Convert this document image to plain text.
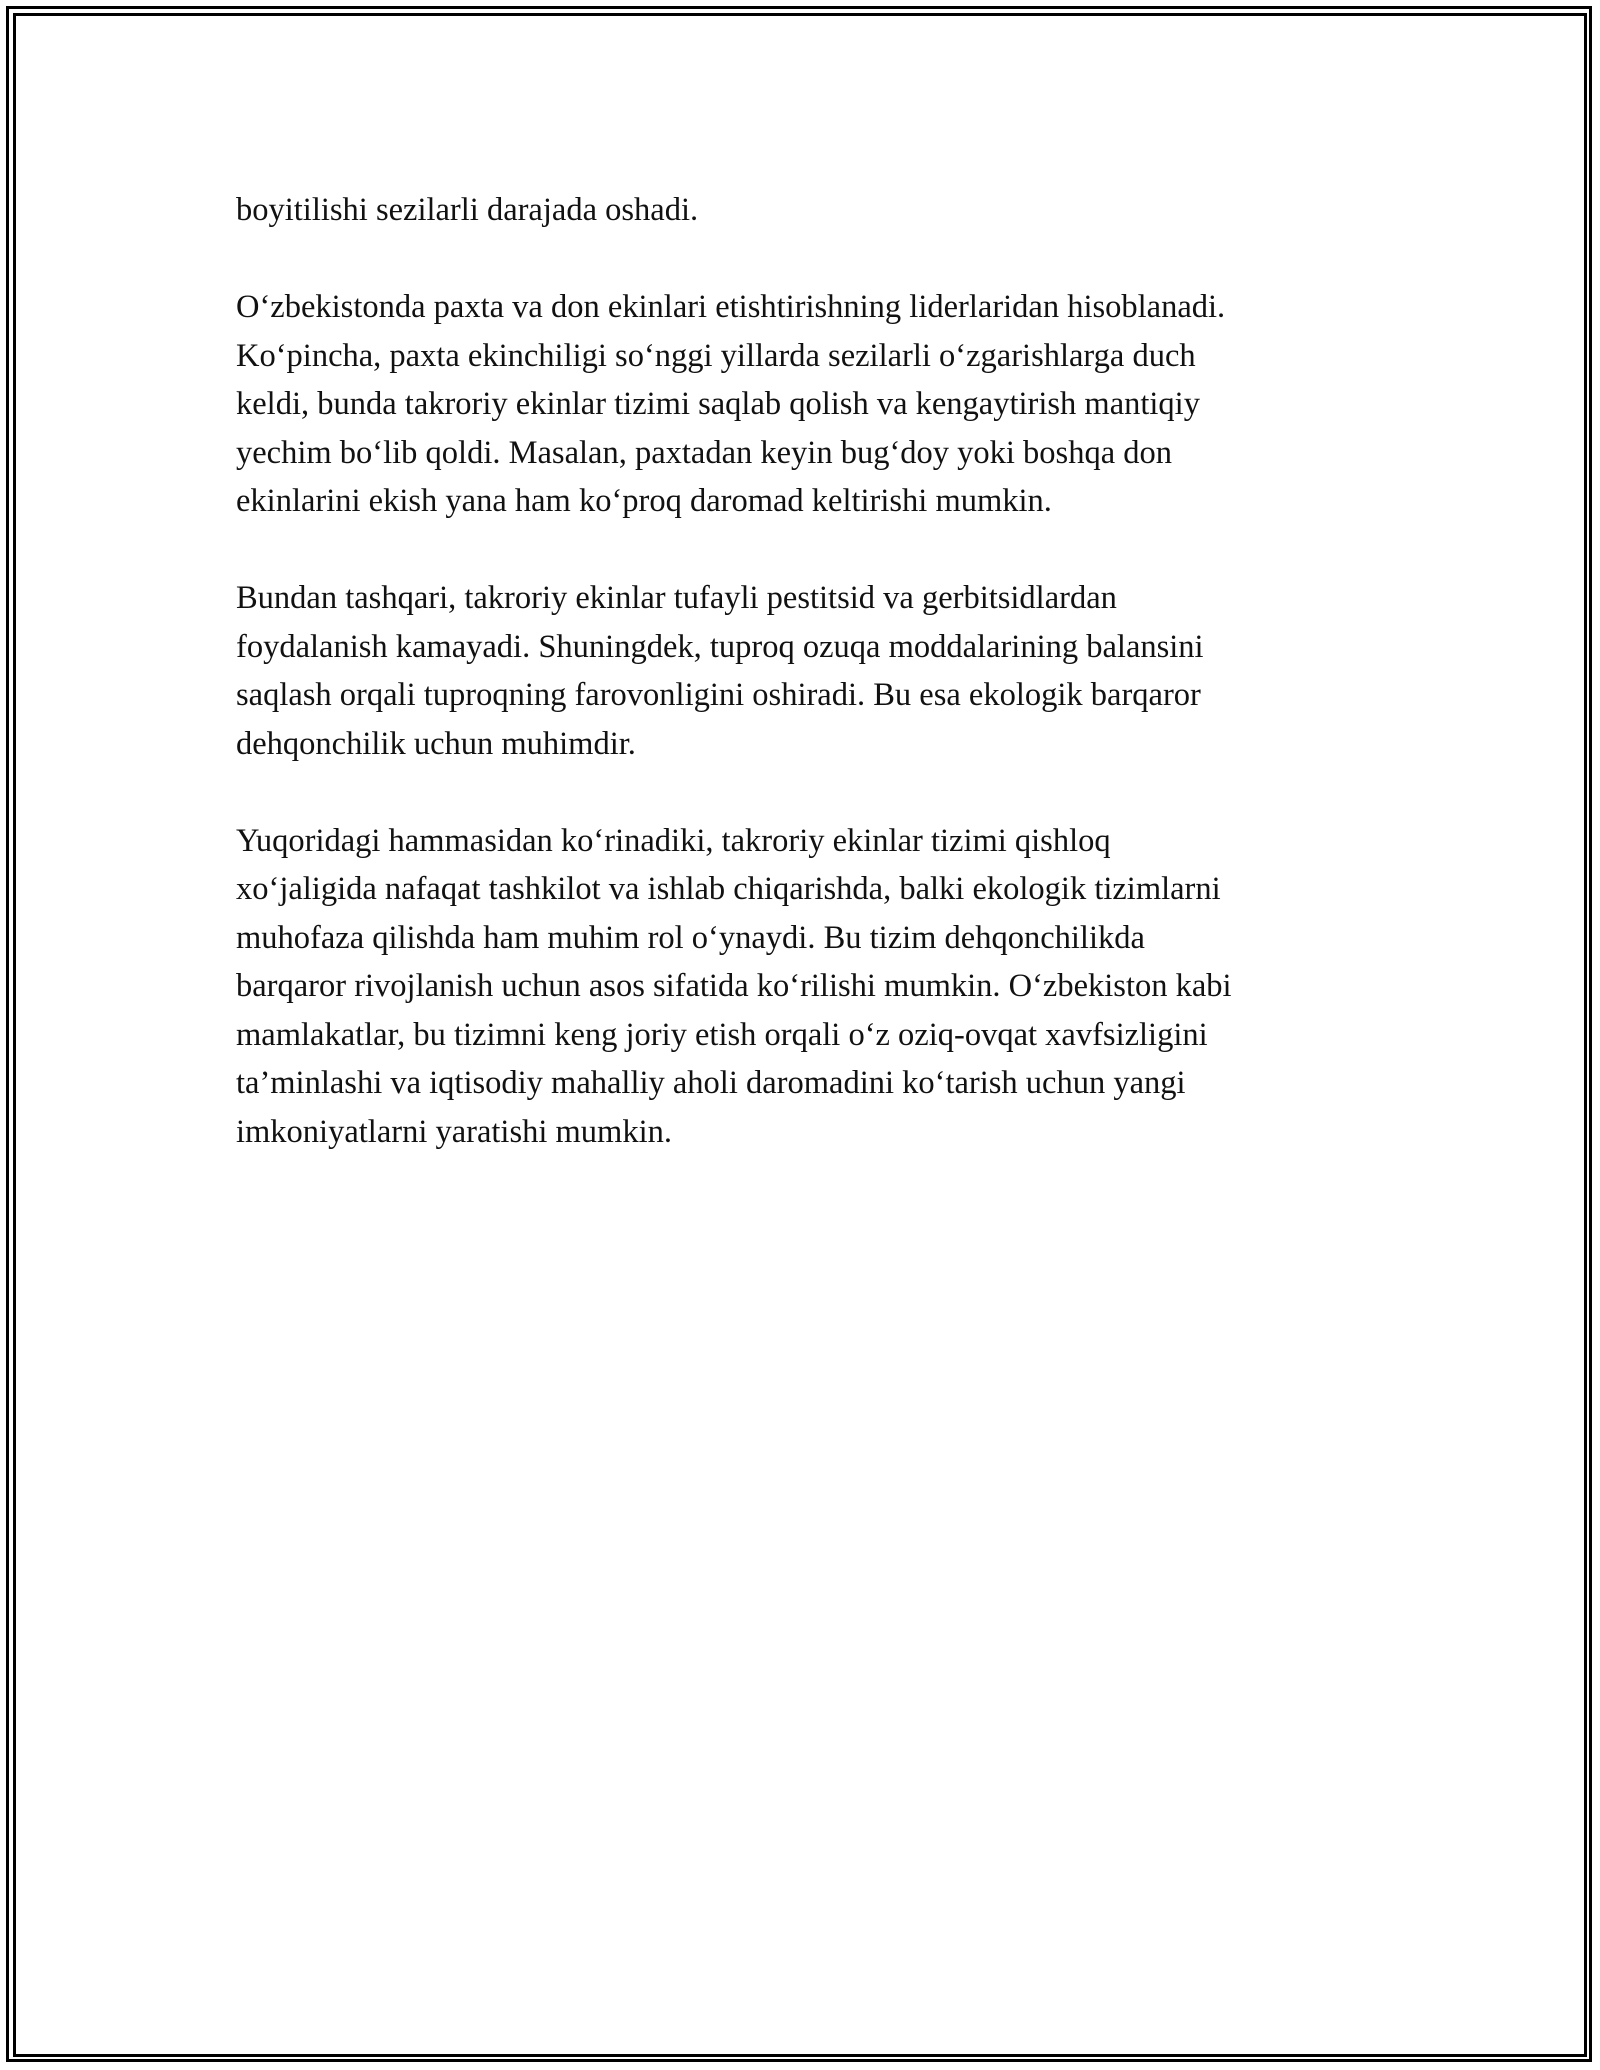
boyitilishi sezilarli darajada oshadi.

O‘zbekistonda paxta va don ekinlari etishtirishning liderlaridan hisoblanadi.
Ko‘pincha, paxta ekinchiligi so‘nggi yillarda sezilarli o‘zgarishlarga duch
keldi, bunda takroriy ekinlar tizimi saqlab qolish va kengaytirish mantiqiy
yechim bo‘lib qoldi. Masalan, paxtadan keyin bug‘doy yoki boshqa don
ekinlarini ekish yana ham ko‘proq daromad keltirishi mumkin.

Bundan tashqari, takroriy ekinlar tufayli pestitsid va gerbitsidlardan
foydalanish kamayadi. Shuningdek, tuproq ozuqa moddalarining balansini
saqlash orqali tuproqning farovonligini oshiradi. Bu esa ekologik barqaror
dehqonchilik uchun muhimdir.

Yuqoridagi hammasidan ko‘rinadiki, takroriy ekinlar tizimi qishloq
xo‘jaligida nafaqat tashkilot va ishlab chiqarishda, balki ekologik tizimlarni
muhofaza qilishda ham muhim rol o‘ynaydi. Bu tizim dehqonchilikda
barqaror rivojlanish uchun asos sifatida ko‘rilishi mumkin. O‘zbekiston kabi
mamlakatlar, bu tizimni keng joriy etish orqali o‘z oziq-ovqat xavfsizligini
ta’minlashi va iqtisodiy mahalliy aholi daromadini ko‘tarish uchun yangi
imkoniyatlarni yaratishi mumkin.
